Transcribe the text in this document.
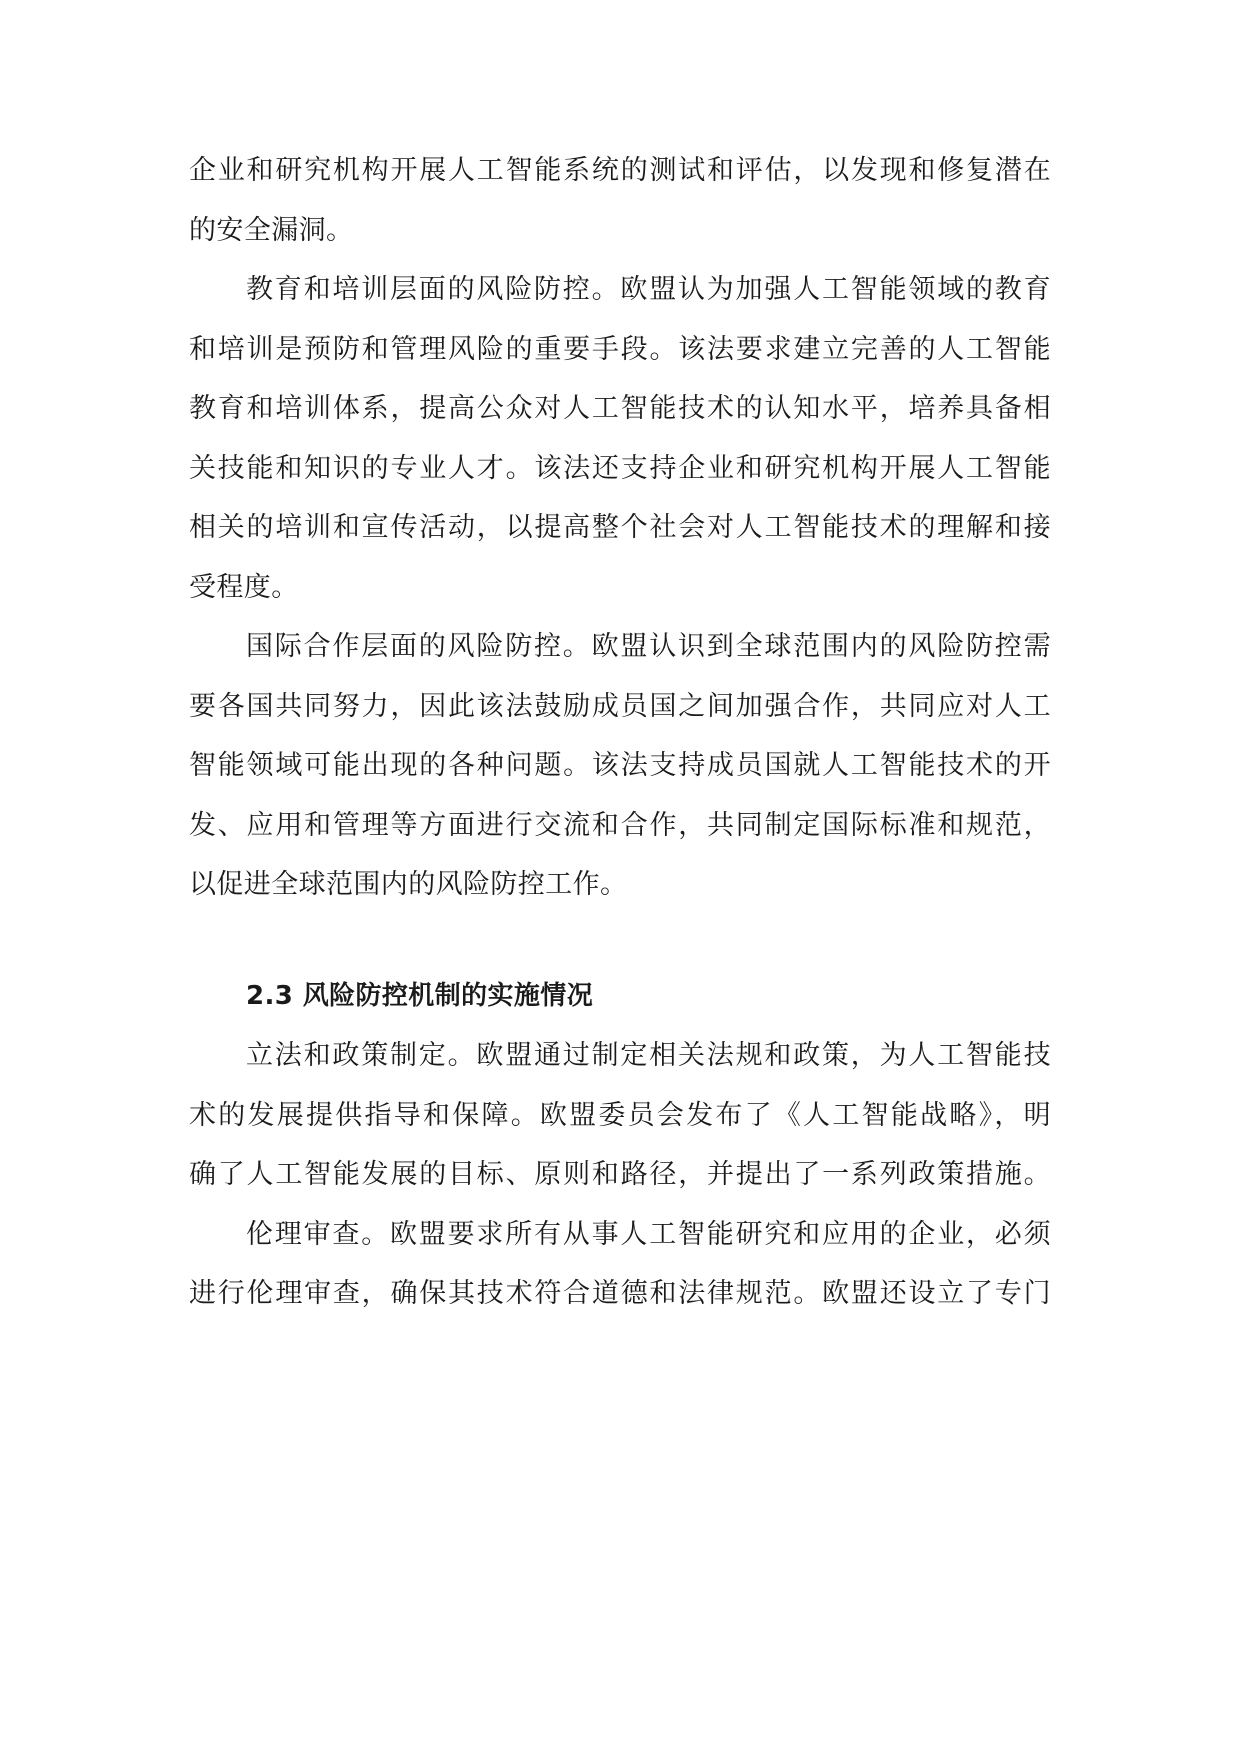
企业和研究机构开展人工智能系统的测试和评估，以发现和修复潜在
的安全漏洞。
教育和培训层面的风险防控。欧盟认为加强人工智能领域的教育
和培训是预防和管理风险的重要手段。该法要求建立完善的人工智能
教育和培训体系，提高公众对人工智能技术的认知水平，培养具备相
关技能和知识的专业人才。该法还支持企业和研究机构开展人工智能
相关的培训和宣传活动，以提高整个社会对人工智能技术的理解和接
受程度。
国际合作层面的风险防控。欧盟认识到全球范围内的风险防控需
要各国共同努力，因此该法鼓励成员国之间加强合作，共同应对人工
智能领域可能出现的各种问题。该法支持成员国就人工智能技术的开
发、应用和管理等方面进行交流和合作，共同制定国际标准和规范，
以促进全球范围内的风险防控工作。
2.3 风险防控机制的实施情况
立法和政策制定。欧盟通过制定相关法规和政策，为人工智能技
术的发展提供指导和保障。欧盟委员会发布了《人工智能战略》，明
确了人工智能发展的目标、原则和路径，并提出了一系列政策措施。
伦理审查。欧盟要求所有从事人工智能研究和应用的企业，必须
进行伦理审查，确保其技术符合道德和法律规范。欧盟还设立了专门
